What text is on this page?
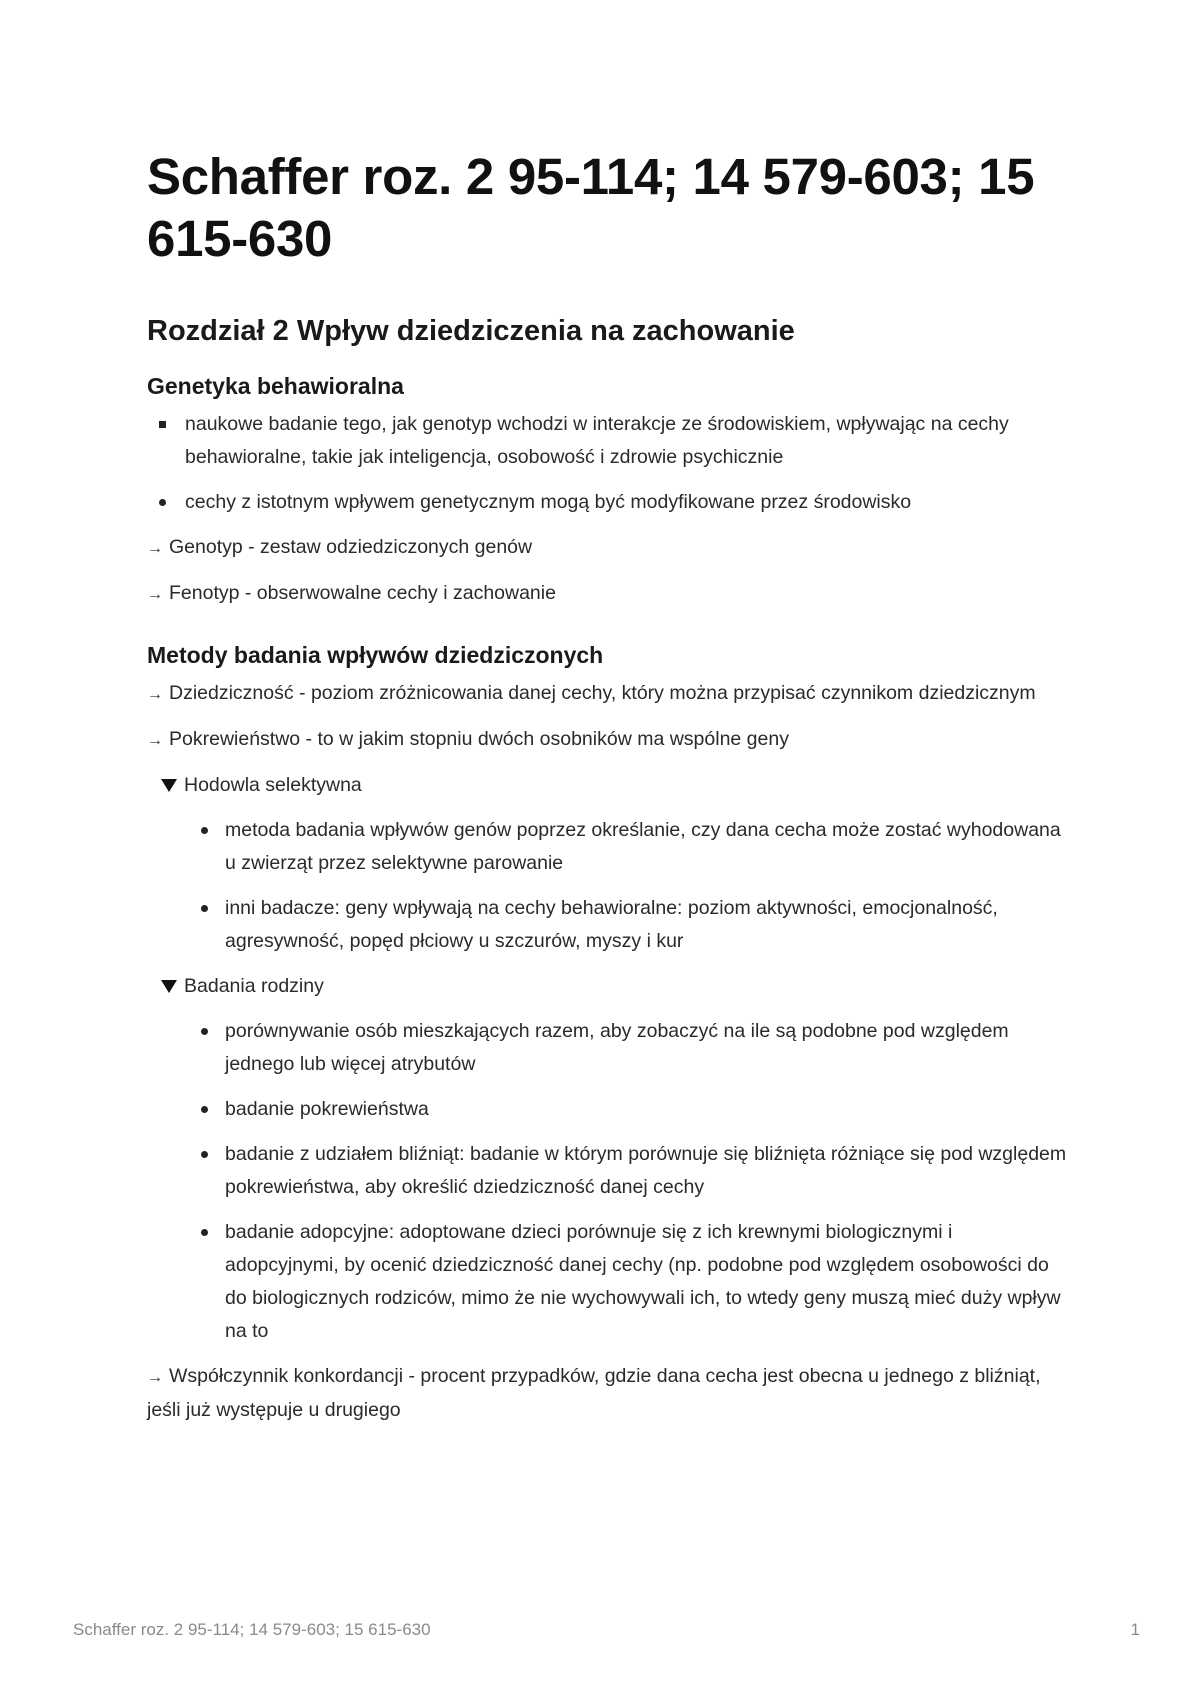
Schaffer roz. 2 95-114; 14 579-603; 15 615-630
Rozdział 2 Wpływ dziedziczenia na zachowanie
Genetyka behawioralna
naukowe badanie tego, jak genotyp wchodzi w interakcje ze środowiskiem, wpływając na cechy behawioralne, takie jak inteligencja, osobowość i zdrowie psychicznie
cechy z istotnym wpływem genetycznym mogą być modyfikowane przez środowisko

→ Genotyp - zestaw odziedziczonych genów

→ Fenotyp - obserwowalne cechy i zachowanie

Metody badania wpływów dziedziczonych

→ Dziedziczność - poziom zróżnicowania danej cechy, który można przypisać czynnikom dziedzicznym

→ Pokrewieństwo - to w jakim stopniu dwóch osobników ma wspólne geny

Hodowla selektywna
metoda badania wpływów genów poprzez określanie, czy dana cecha może zostać wyhodowana u zwierząt przez selektywne parowanie
inni badacze: geny wpływają na cechy behawioralne: poziom aktywności, emocjonalność, agresywność, popęd płciowy u szczurów, myszy i kur
Badania rodziny
porównywanie osób mieszkających razem, aby zobaczyć na ile są podobne pod względem jednego lub więcej atrybutów
badanie pokrewieństwa
badanie z udziałem bliźniąt: badanie w którym porównuje się bliźnięta różniące się pod względem pokrewieństwa, aby określić dziedziczność danej cechy
badanie adopcyjne: adoptowane dzieci porównuje się z ich krewnymi biologicznymi i adopcyjnymi, by ocenić dziedziczność danej cechy (np. podobne pod względem osobowości do do biologicznych rodziców, mimo że nie wychowywali ich, to wtedy geny muszą mieć duży wpływ na to

→ Współczynnik konkordancji - procent przypadków, gdzie dana cecha jest obecna u jednego z bliźniąt, jeśli już występuje u drugiego

Schaffer roz. 2 95-114; 14 579-603; 15 615-630	1
